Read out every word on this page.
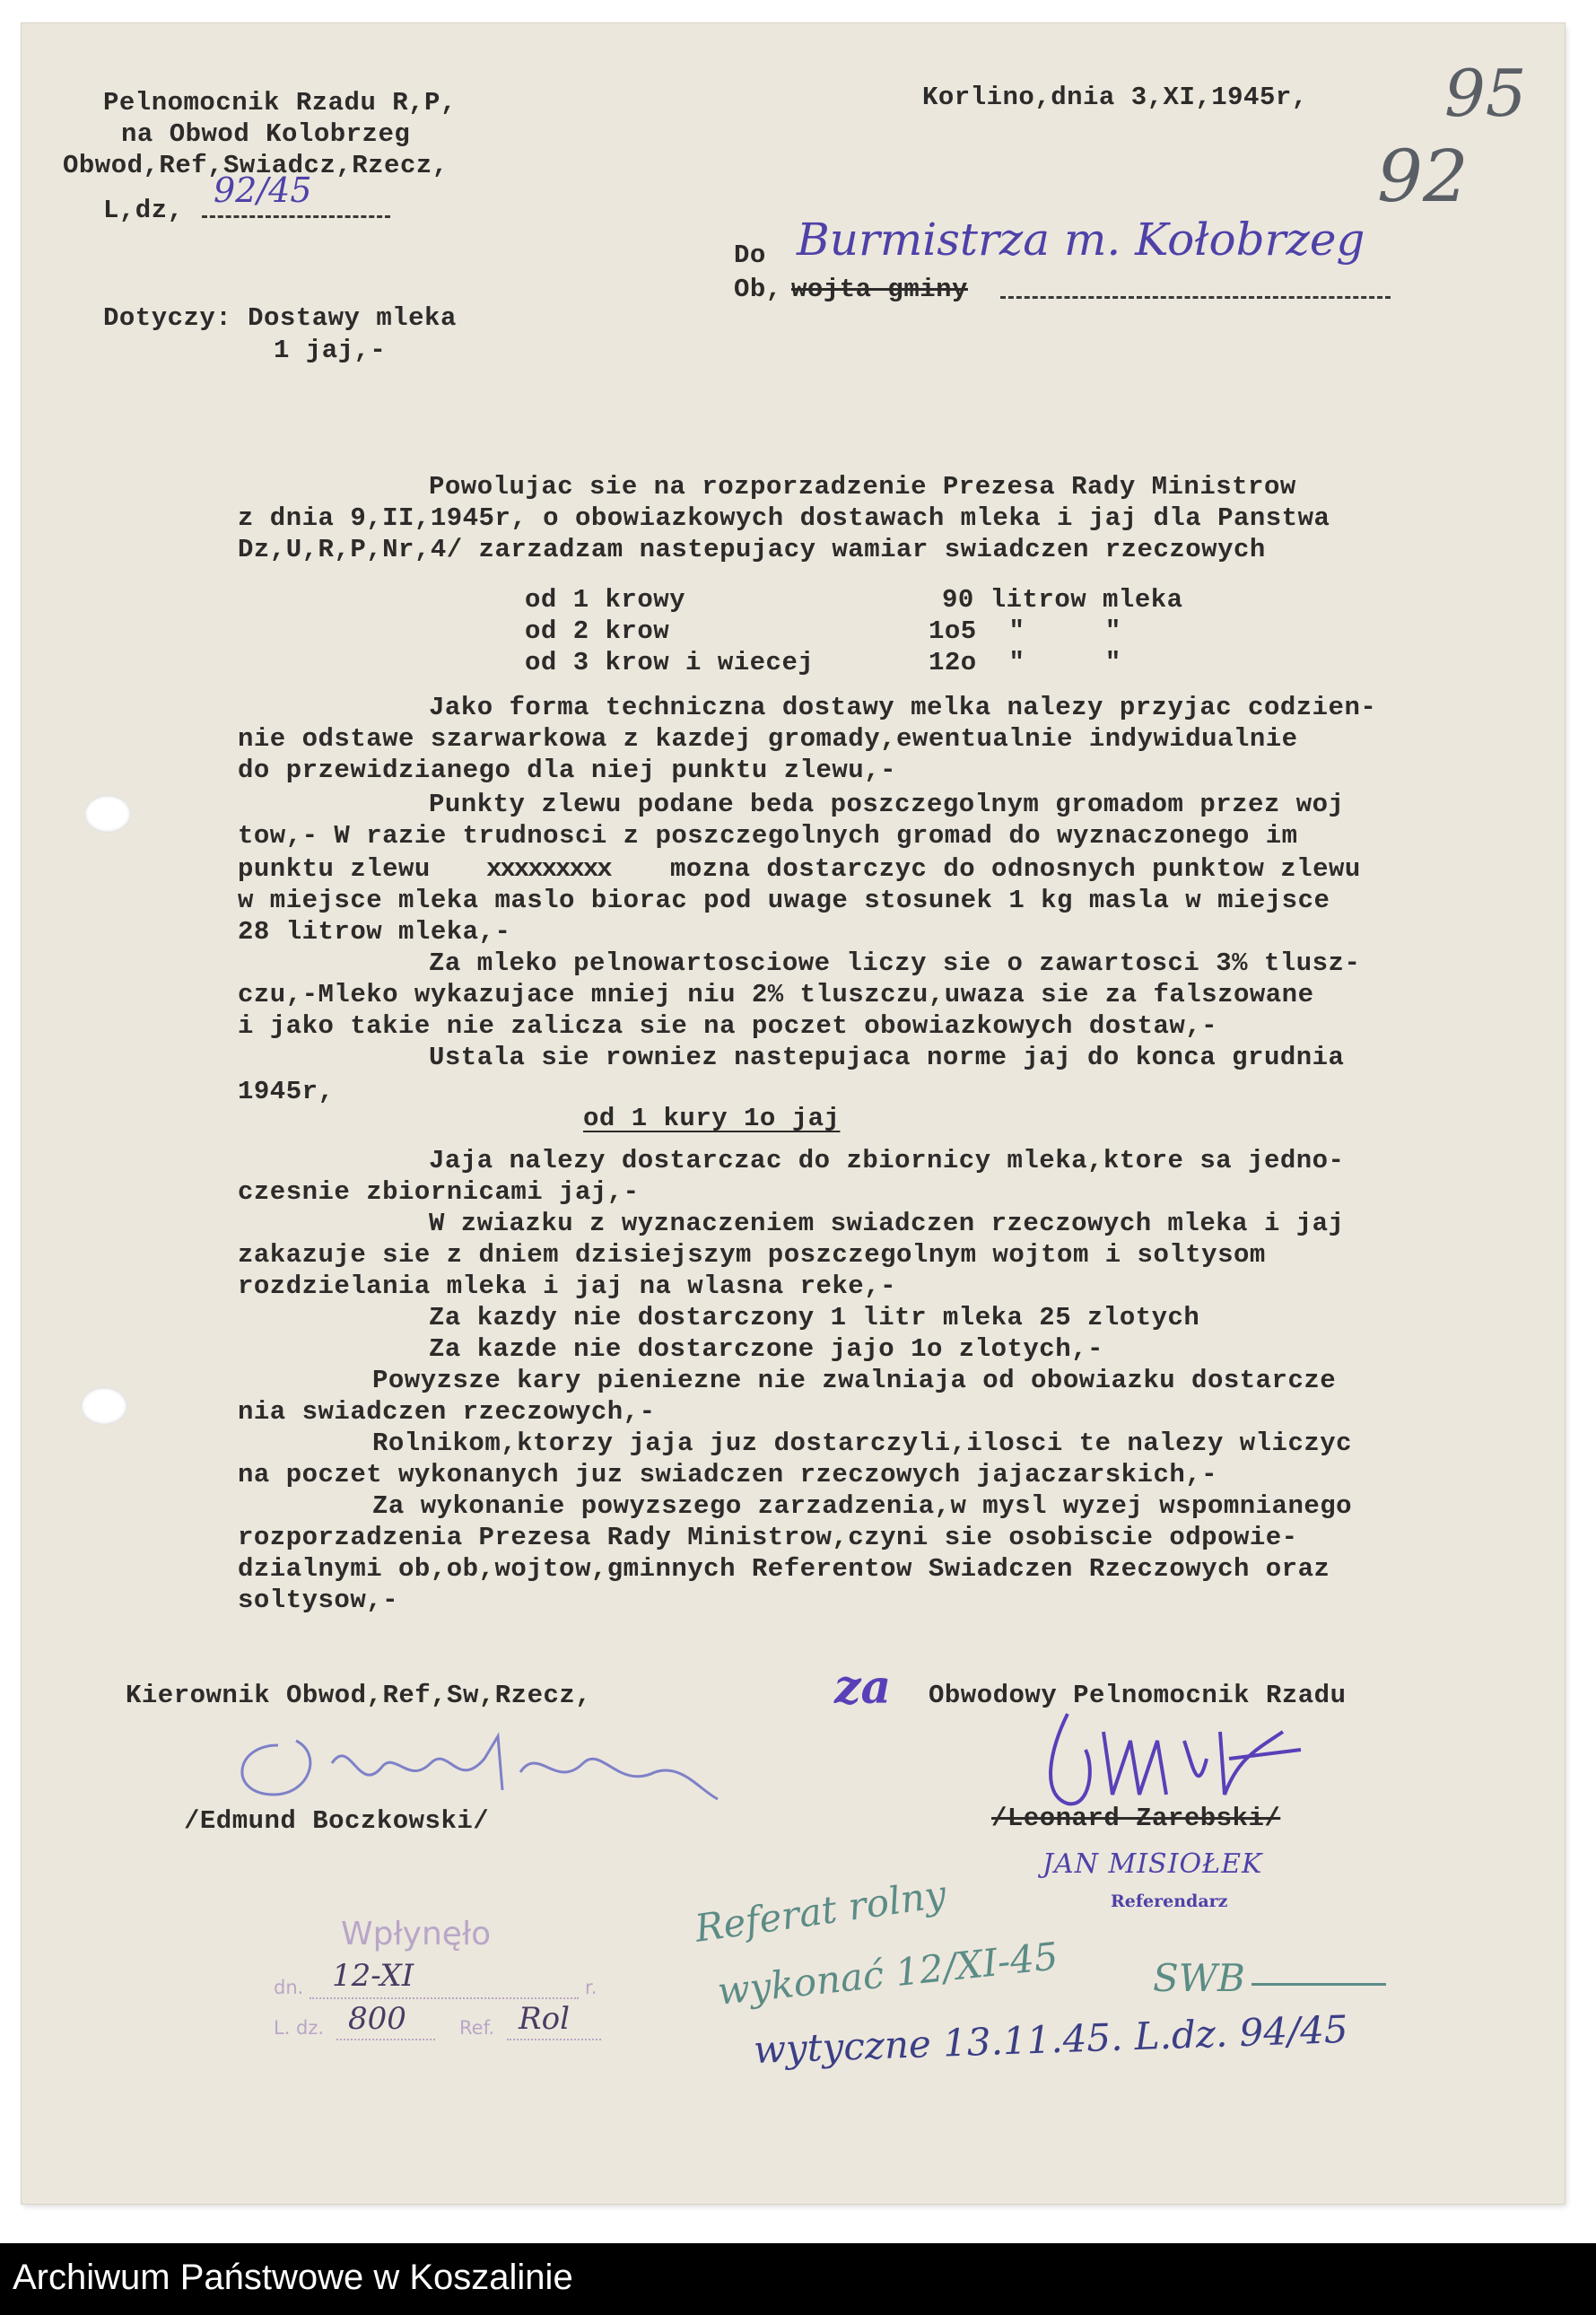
Pelnomocnik Rzadu R,P,
na Obwod Kolobrzeg
Obwod,Ref,Swiadcz,Rzecz,
L,dz,
92/45
Korlino,dnia 3,XI,1945r, 95
92
Do Burmistrza m. Kołobrzeg
Ob, wojta gminy
Dotyczy: Dostawy mleka
1 jaj,-
Powolujac sie na rozporzadzenie Prezesa Rady Ministrow
z dnia 9,II,1945r, o obowiazkowych dostawach mleka i jaj dla Panstwa
Dz,U,R,P,Nr,4/ zarzadzam nastepujacy wamiar swiadczen rzeczowych
od 1 krowy	90 litrow mleka
od 2 krow	1o5  "     "
od 3 krow i wiecej	12o  "     "
Jako forma techniczna dostawy melka nalezy przyjac codzien-
nie odstawe szarwarkowa z kazdej gromady,ewentualnie indywidualnie
do przewidzianego dla niej punktu zlewu,-
Punkty zlewu podane beda poszczegolnym gromadom przez woj
tow,- W razie trudnosci z poszczegolnych gromad do wyznaczonego im
punktu zlewu xxxxxxxxx mozna dostarczyc do odnosnych punktow zlewu
w miejsce mleka maslo biorac pod uwage stosunek 1 kg masla w miejsce
28 litrow mleka,-
Za mleko pelnowartosciowe liczy sie o zawartosci 3% tlusz-
czu,-Mleko wykazujace mniej niu 2% tluszczu,uwaza sie za falszowane
i jako takie nie zalicza sie na poczet obowiazkowych dostaw,-
Ustala sie rowniez nastepujaca norme jaj do konca grudnia
1945r,
od 1 kury 1o jaj
Jaja nalezy dostarczac do zbiornicy mleka,ktore sa jedno-
czesnie zbiornicami jaj,-
W zwiazku z wyznaczeniem swiadczen rzeczowych mleka i jaj
zakazuje sie z dniem dzisiejszym poszczegolnym wojtom i soltysom
rozdzielania mleka i jaj na wlasna reke,-
Za kazdy nie dostarczony 1 litr mleka 25 zlotych
Za kazde nie dostarczone jajo 1o zlotych,-
Powyzsze kary pieniezne nie zwalniaja od obowiazku dostarcze
nia swiadczen rzeczowych,-
Rolnikom,ktorzy jaja juz dostarczyli,ilosci te nalezy wliczyc
na poczet wykonanych juz swiadczen rzeczowych jajaczarskich,-
Za wykonanie powyzszego zarzadzenia,w mysl wyzej wspomnianego
rozporzadzenia Prezesa Rady Ministrow,czyni sie osobiscie odpowie-
dzialnymi ob,ob,wojtow,gminnych Referentow Swiadczen Rzeczowych oraz
soltysow,-
Kierownik Obwod,Ref,Sw,Rzecz,
/Edmund Boczkowski/
za Obwodowy Pelnomocnik Rzadu
/Leonard Zarebski/
JAN MISIOŁEK
Referendarz
Wpłynęło
dn. 12-XI	r.
L. dz. 800	Ref. Rol
Referat rolny
wykonać 12/XI-45 SWB
wytyczne 13.11.45. L.dz. 94/45
Archiwum Państwowe w Koszalinie
